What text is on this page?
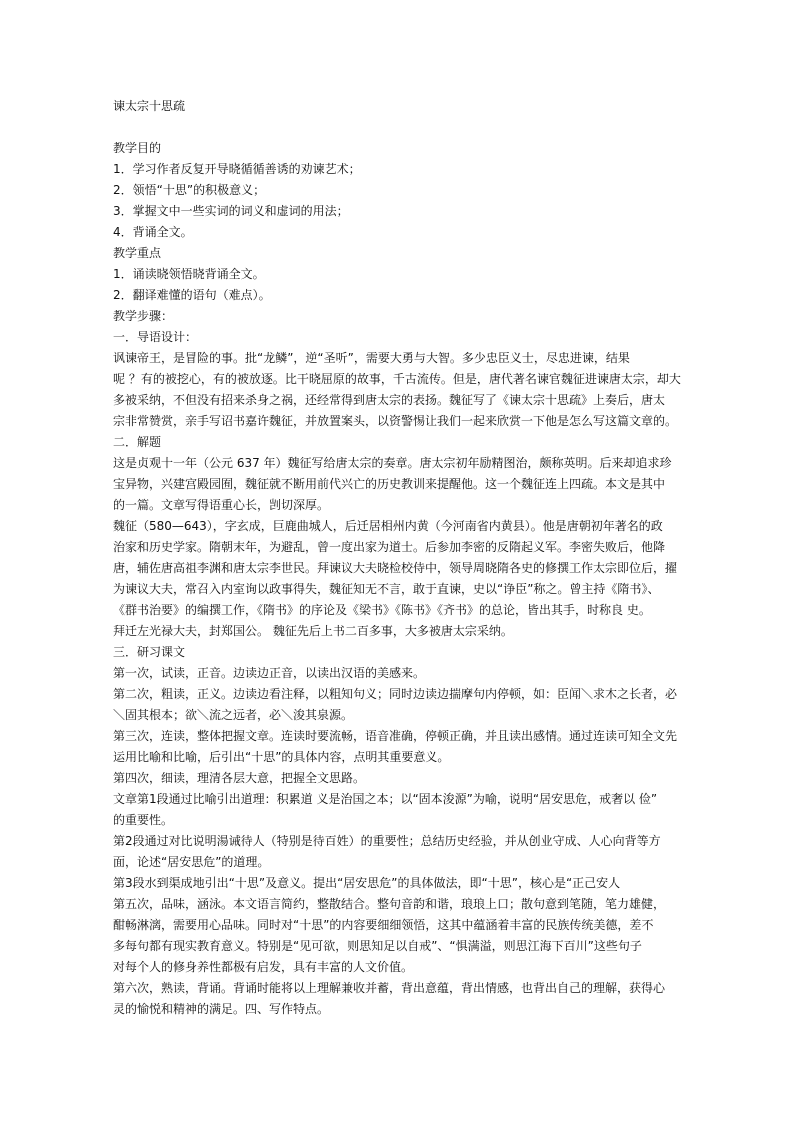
谏太宗十思疏

教学目的

1．学习作者反复开导晓循循善诱的劝谏艺术；

2．领悟“十思”的积极意义；

3．掌握文中一些实词的词义和虚词的用法；

4．背诵全文。

教学重点

1．诵读晓领悟晓背诵全文。

2．翻译难懂的语句（难点）。

教学步骤：

一．导语设计：

讽谏帝王，是冒险的事。批“龙鳞”，逆“圣听”，需要大勇与大智。多少忠臣义士，尽忠进谏，结果

呢 ？有的被挖心，有的被放逐。比干晓屈原的故事，千古流传。但是，唐代著名谏官魏征进谏唐太宗，却大

多被采纳，不但没有招来杀身之祸，还经常得到唐太宗的表扬。魏征写了《谏太宗十思疏》上奏后，唐太

宗非常赞赏，亲手写诏书嘉许魏征，并放置案头，以资警惕让我们一起来欣赏一下他是怎么写这篇文章的。

二．解题

这是贞观十一年（公元 637 年）魏征写给唐太宗的奏章。唐太宗初年励精图治，颇称英明。后来却追求珍

宝异物，兴建宫殿园囿，魏征就不断用前代兴亡的历史教训来提醒他。这一个魏征连上四疏。本文是其中

的一篇。文章写得语重心长，剀切深厚。

魏征（580—643），字玄成，巨鹿曲城人，后迁居相州内黄（今河南省内黄县）。他是唐朝初年著名的政

治家和历史学家。隋朝末年，为避乱，曾一度出家为道士。后参加李密的反隋起义军。李密失败后，他降

唐，辅佐唐高祖李渊和唐太宗李世民。拜谏议大夫晓检校侍中，领导周晓隋各史的修撰工作太宗即位后，擢

为谏议大夫，常召入内室询以政事得失，魏征知无不言，敢于直谏，史以“诤臣”称之。曾主持《隋书》、

《群书治要》的编撰工作，《隋书》的序论及《梁书》《陈书》《齐书》的总论，皆出其手，时称良 史。

拜迁左光禄大夫，封郑国公。 魏征先后上书二百多事，大多被唐太宗采纳。

三．研习课文

第一次，试读，正音。边读边正音，以读出汉语的美感来。

第二次，粗读，正义。边读边看注释，以粗知句义；同时边读边揣摩句内停顿，如：臣闻＼求木之长者，必

＼固其根本；欲＼流之远者，必＼浚其泉源。

第三次，连读，整体把握文章。连读时要流畅，语音准确，停顿正确，并且读出感情。通过连读可知全文先

运用比喻和比喻，后引出“十思”的具体内容，点明其重要意义。

第四次，细读，理清各层大意，把握全文思路。

文章第1段通过比喻引出道理：积累道 义是治国之本；以“固本浚源”为喻，说明“居安思危，戒奢以 俭”

的重要性。

第2段通过对比说明湯诫待人（特别是待百姓）的重要性；总结历史经验，并从创业守成、人心向背等方

面，论述“居安思危”的道理。

第3段水到渠成地引出“十思”及意义。提出“居安思危”的具体做法，即“十思”，核心是“正己安人

第五次，品味，涵泳。本文语言简约，整散结合。整句音韵和谐，琅琅上口；散句意到笔随，笔力雄健，

酣畅淋漓，需要用心品味。同时对“十思”的内容要细细领悟，这其中蕴涵着丰富的民族传统美德，差不

多每句都有现实教育意义。特别是“见可欲，则思知足以自戒”、“惧满溢，则思江海下百川”这些句子

对每个人的修身养性都极有启发，具有丰富的人文价值。

第六次，熟读，背诵。背诵时能将以上理解兼收并蓄，背出意蕴，背出情感，也背出自己的理解，获得心

灵的愉悦和精神的满足。四、写作特点。
